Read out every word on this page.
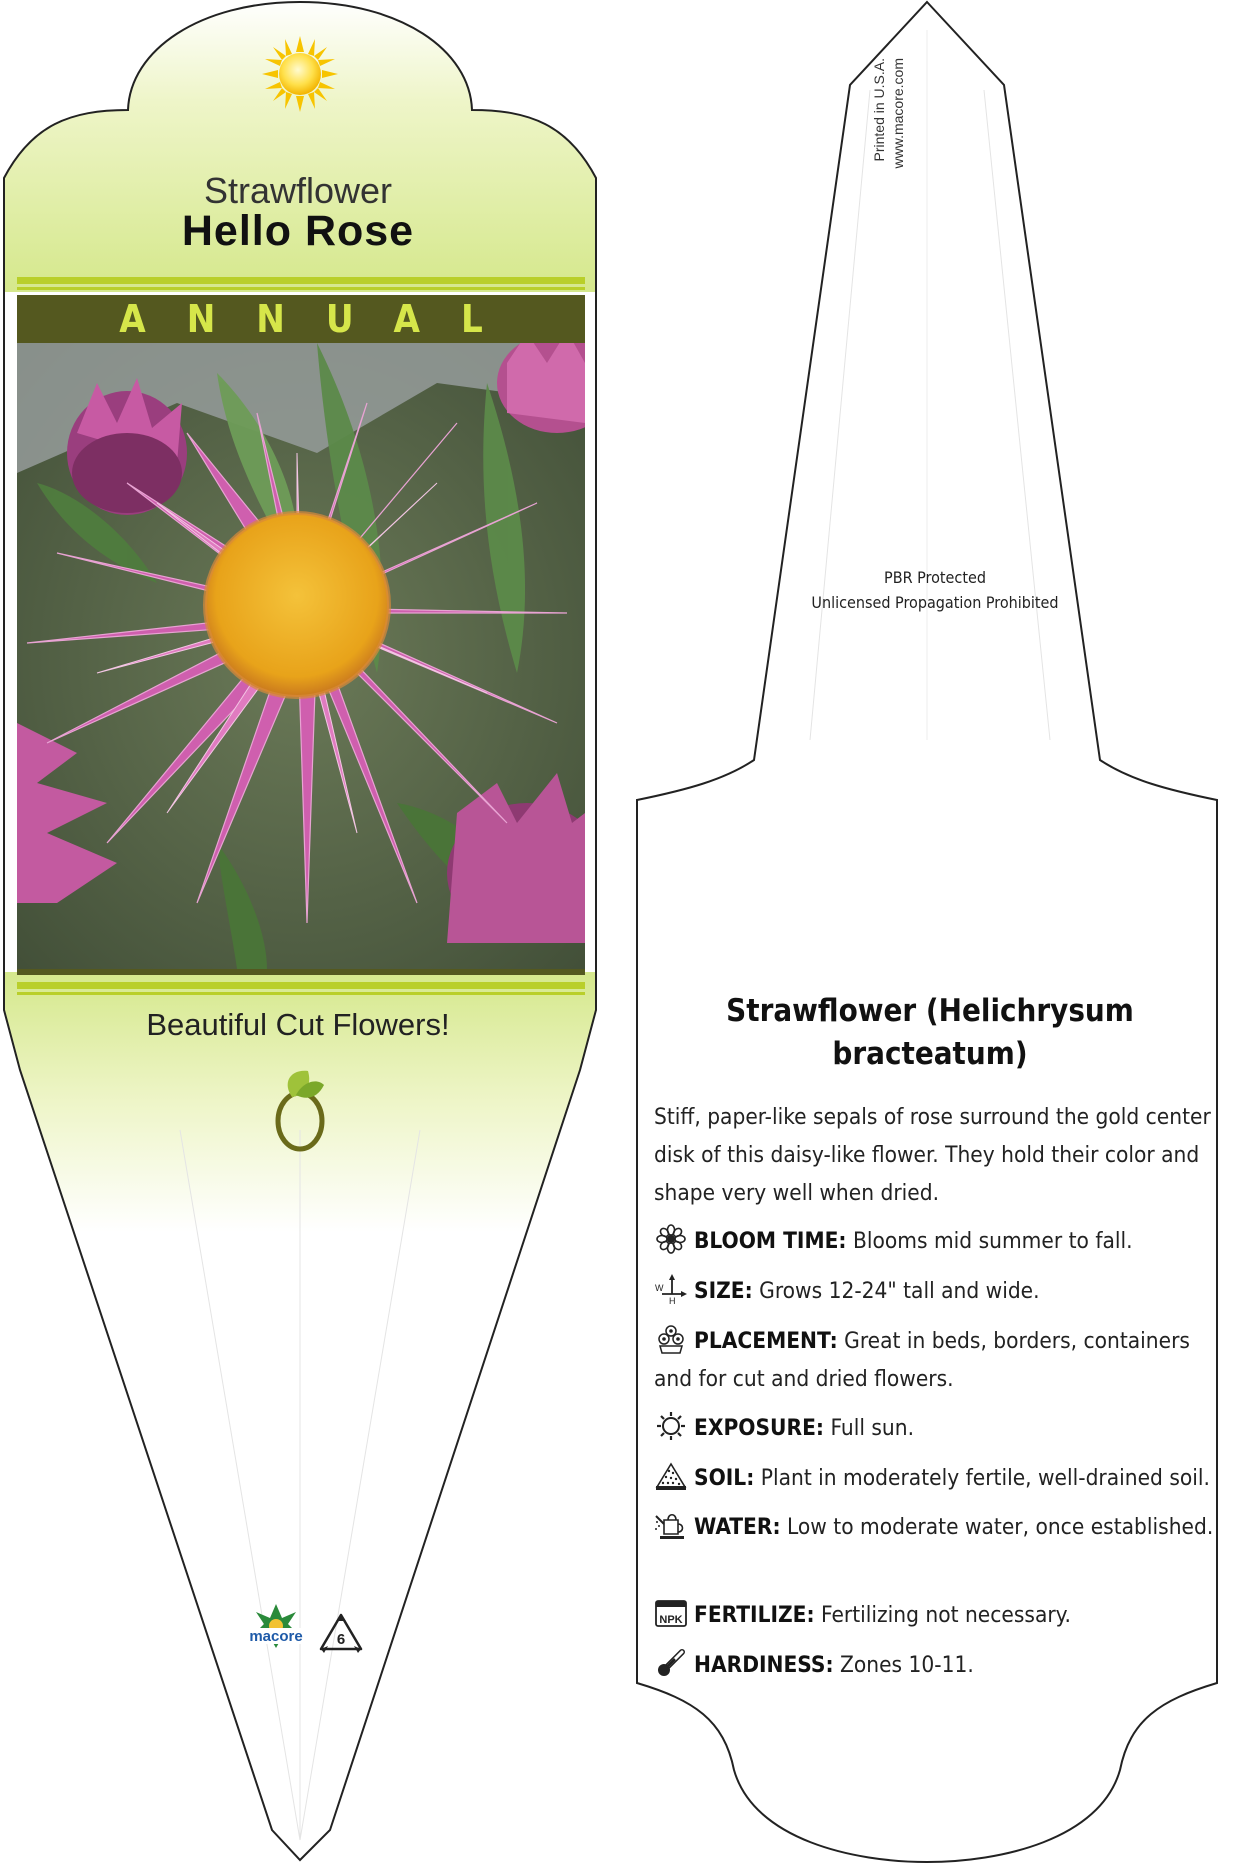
Strawflower
Hello Rose
ANNUAL
Beautiful Cut Flowers!
macore 6
Printed in U.S.A. www.macore.com
PBR Protected
Unlicensed Propagation Prohibited
Strawflower (Helichrysum bracteatum)
Stiff, paper-like sepals of rose surround the gold center disk of this daisy-like flower. They hold their color and shape very well when dried.
BLOOM TIME: Blooms mid summer to fall.
W
H SIZE: Grows 12-24" tall and wide.
PLACEMENT: Great in beds, borders, containers and for cut and dried flowers.
EXPOSURE: Full sun.
SOIL: Plant in moderately fertile, well-drained soil.
WATER: Low to moderate water, once established.
NPK FERTILIZE: Fertilizing not necessary.
HARDINESS: Zones 10-11.
